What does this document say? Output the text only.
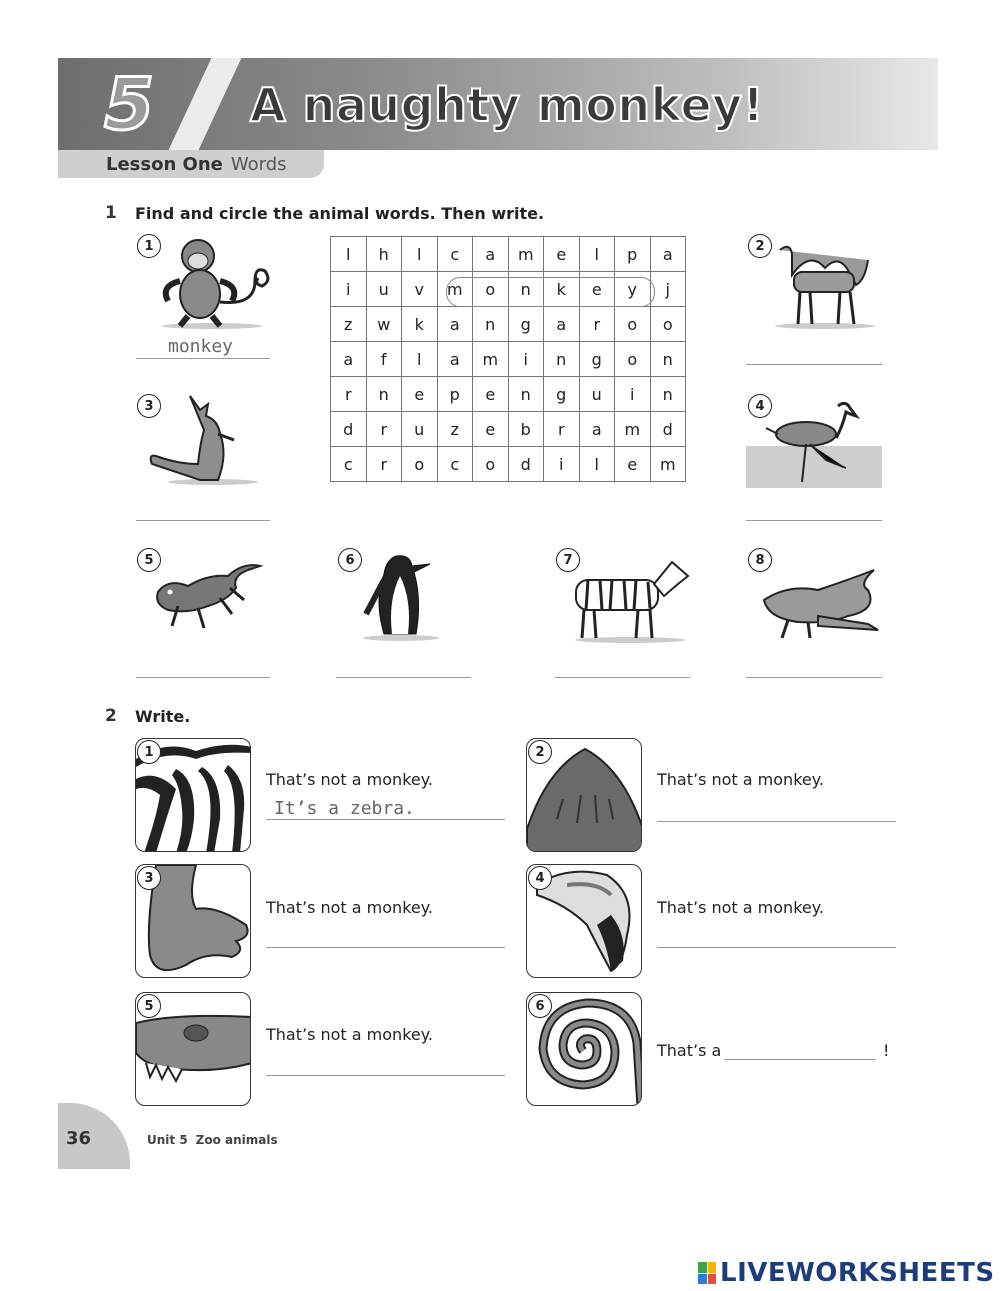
5 A naughty monkey!
Lesson One Words
1 Find and circle the animal words. Then write.
l	h	l	c	a	m	e	l	p	a
i	u	v	m	o	n	k	e	y	j
z	w	k	a	n	g	a	r	o	o
a	f	l	a	m	i	n	g	o	n
r	n	e	p	e	n	g	u	i	n
d	r	u	z	e	b	r	a	m	d
c	r	o	c	o	d	i	l	e	m
1
monkey
2
3	4
5	6	7	8
2 Write.
1
That’s not a monkey.
It’s a zebra.
2
That’s not a monkey.
3
That’s not a monkey.
4
That’s not a monkey.
5
That’s not a monkey.
6
That’s a	!
36	Unit 5 Zoo animals
LIVEWORKSHEETS
